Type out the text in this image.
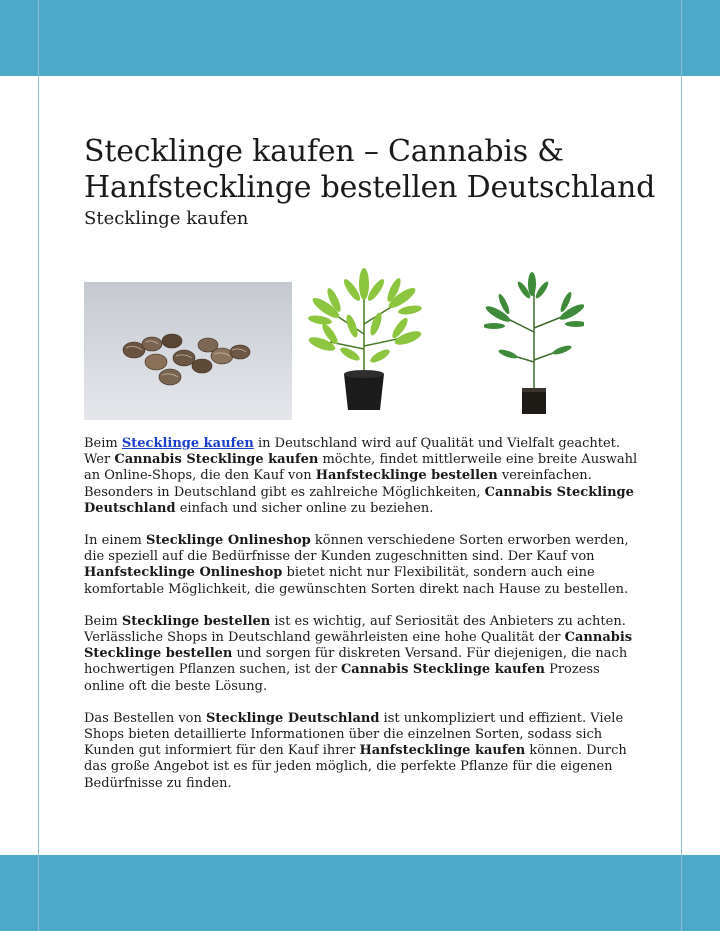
Stecklinge kaufen – Cannabis & Hanfstecklinge bestellen Deutschland
Stecklinge kaufen

Beim Stecklinge kaufen in Deutschland wird auf Qualität und Vielfalt geachtet. Wer Cannabis Stecklinge kaufen möchte, findet mittlerweile eine breite Auswahl an Online-Shops, die den Kauf von Hanfstecklinge bestellen vereinfachen. Besonders in Deutschland gibt es zahlreiche Möglichkeiten, Cannabis Stecklinge Deutschland einfach und sicher online zu beziehen.

In einem Stecklinge Onlineshop können verschiedene Sorten erworben werden, die speziell auf die Bedürfnisse der Kunden zugeschnitten sind. Der Kauf von Hanfstecklinge Onlineshop bietet nicht nur Flexibilität, sondern auch eine komfortable Möglichkeit, die gewünschten Sorten direkt nach Hause zu bestellen.

Beim Stecklinge bestellen ist es wichtig, auf Seriosität des Anbieters zu achten. Verlässliche Shops in Deutschland gewährleisten eine hohe Qualität der Cannabis Stecklinge bestellen und sorgen für diskreten Versand. Für diejenigen, die nach hochwertigen Pflanzen suchen, ist der Cannabis Stecklinge kaufen Prozess online oft die beste Lösung.

Das Bestellen von Stecklinge Deutschland ist unkompliziert und effizient. Viele Shops bieten detaillierte Informationen über die einzelnen Sorten, sodass sich Kunden gut informiert für den Kauf ihrer Hanfstecklinge kaufen können. Durch das große Angebot ist es für jeden möglich, die perfekte Pflanze für die eigenen Bedürfnisse zu finden.
